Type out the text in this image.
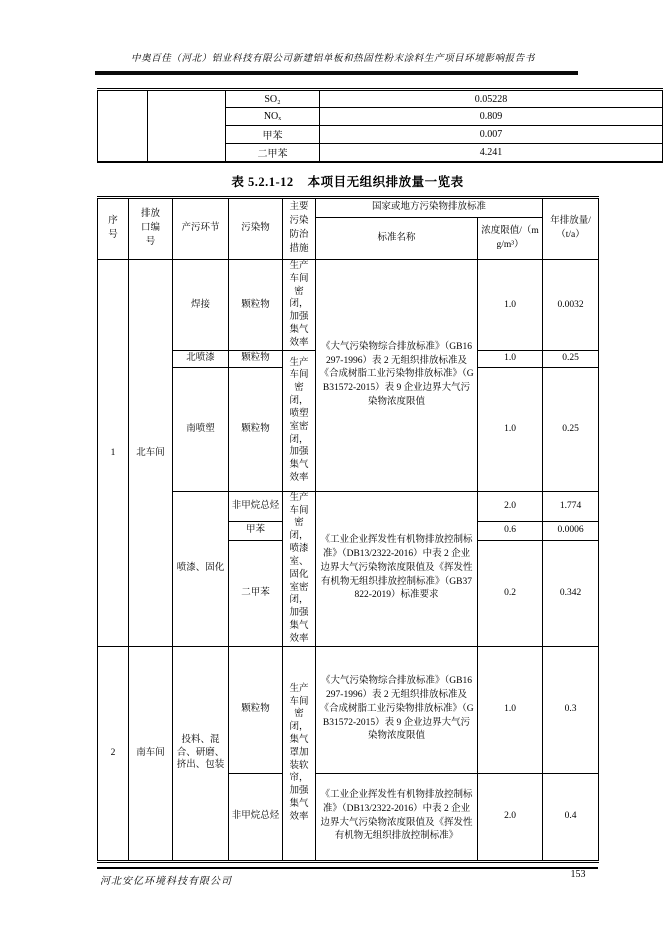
中奥百佳（河北）铝业科技有限公司新建铝单板和热固性粉末涂料生产项目环境影响报告书
		SO₂	0.05228
		NOₓ	0.809
		甲苯	0.007
		二甲苯	4.241
表 5.2.1-12 本项目无组织排放量一览表
序号	排放口编号	产污环节	污染物	主要污染防治措施	国家或地方污染物排放标准		年排放量/（t/a）
					标准名称	浓度限值/（mg/m³）	
1	北车间	焊接	颗粒物	生产车间密闭，加强集气效率	《大气污染物综合排放标准》（GB16297-1996）表 2 无组织排放标准及《合成树脂工业污染物排放标准》（GB31572-2015）表 9 企业边界大气污染物浓度限值	1.0	0.0032
		北喷漆	颗粒物	生产车间密闭，喷塑室密闭，加强集气效率		1.0	0.25
		南喷塑	颗粒物			1.0	0.25
		喷漆、固化	非甲烷总烃	生产车间密闭，喷漆室、固化室密闭，加强集气效率	《工业企业挥发性有机物排放控制标准》（DB13/2322-2016）中表 2 企业边界大气污染物浓度限值及《挥发性有机物无组织排放控制标准》（GB37822-2019）标准要求	2.0	1.774
			甲苯			0.6	0.0006
			二甲苯			0.2	0.342
2	南车间	投料、混合、研磨、挤出、包装	颗粒物	生产车间密闭，集气罩加装软帘，加强集气效率	《大气污染物综合排放标准》（GB16297-1996）表 2 无组织排放标准及《合成树脂工业污染物排放标准》（GB31572-2015）表 9 企业边界大气污染物浓度限值	1.0	0.3
			非甲烷总烃		《工业企业挥发性有机物排放控制标准》（DB13/2322-2016）中表 2 企业边界大气污染物浓度限值及《挥发性有机物无组织排放控制标准》	2.0	0.4
河北安亿环境科技有限公司
153
